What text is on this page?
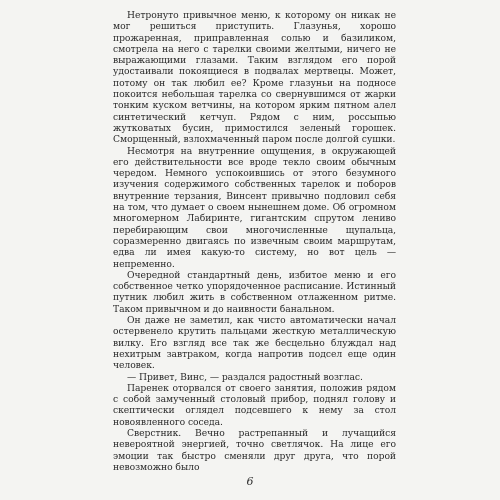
Нетронуто привычное меню, к которому он никак не мог решиться приступить. Глазунья, хорошо прожаренная, приправленная солью и базиликом, смотрела на него с тарелки своими желтыми, ничего не выражающими глазами. Таким взглядом его порой удостаивали покоящиеся в подвалах мертвецы. Может, потому он так любил ее? Кроме глазуньи на подносе покоится небольшая тарелка со свернувшимся от жарки тонким куском ветчины, на котором ярким пятном алел синтетический кетчуп. Рядом с ним, россыпью жутковатых бусин, примостился зеленый горошек. Сморщенный, взлохмаченный паром после долгой сушки.

Несмотря на внутренние ощущения, в окружающей его действительности все вроде текло своим обычным чередом. Немного успокоившись от этого безумного изучения содержимого собственных тарелок и поборов внутренние терзания, Винсент привычно подловил себя на том, что думает о своем нынешнем доме. Об огромном многомерном Лабиринте, гигантским спрутом лениво перебирающим свои многочисленные щупальца, соразмеренно двигаясь по извечным своим маршрутам, едва ли имея какую-то систему, но вот цель — непременно.

Очередной стандартный день, избитое меню и его собственное четко упорядоченное расписание. Истинный путник любил жить в собственном отлаженном ритме. Таком привычном и до наивности банальном.

Он даже не заметил, как чисто автоматически начал остервенело крутить пальцами жесткую металлическую вилку. Его взгляд все так же бесцельно блуждал над нехитрым завтраком, когда напротив подсел еще один человек.

— Привет, Винс, — раздался радостный возглас.

Паренек оторвался от своего занятия, положив рядом с собой замученный столовый прибор, поднял голову и скептически оглядел подсевшего к нему за стол новоявленного соседа.

Сверстник. Вечно растрепанный и лучащийся невероятной энергией, точно светлячок. На лице его эмоции так быстро сменяли друг друга, что порой невозможно было

6
